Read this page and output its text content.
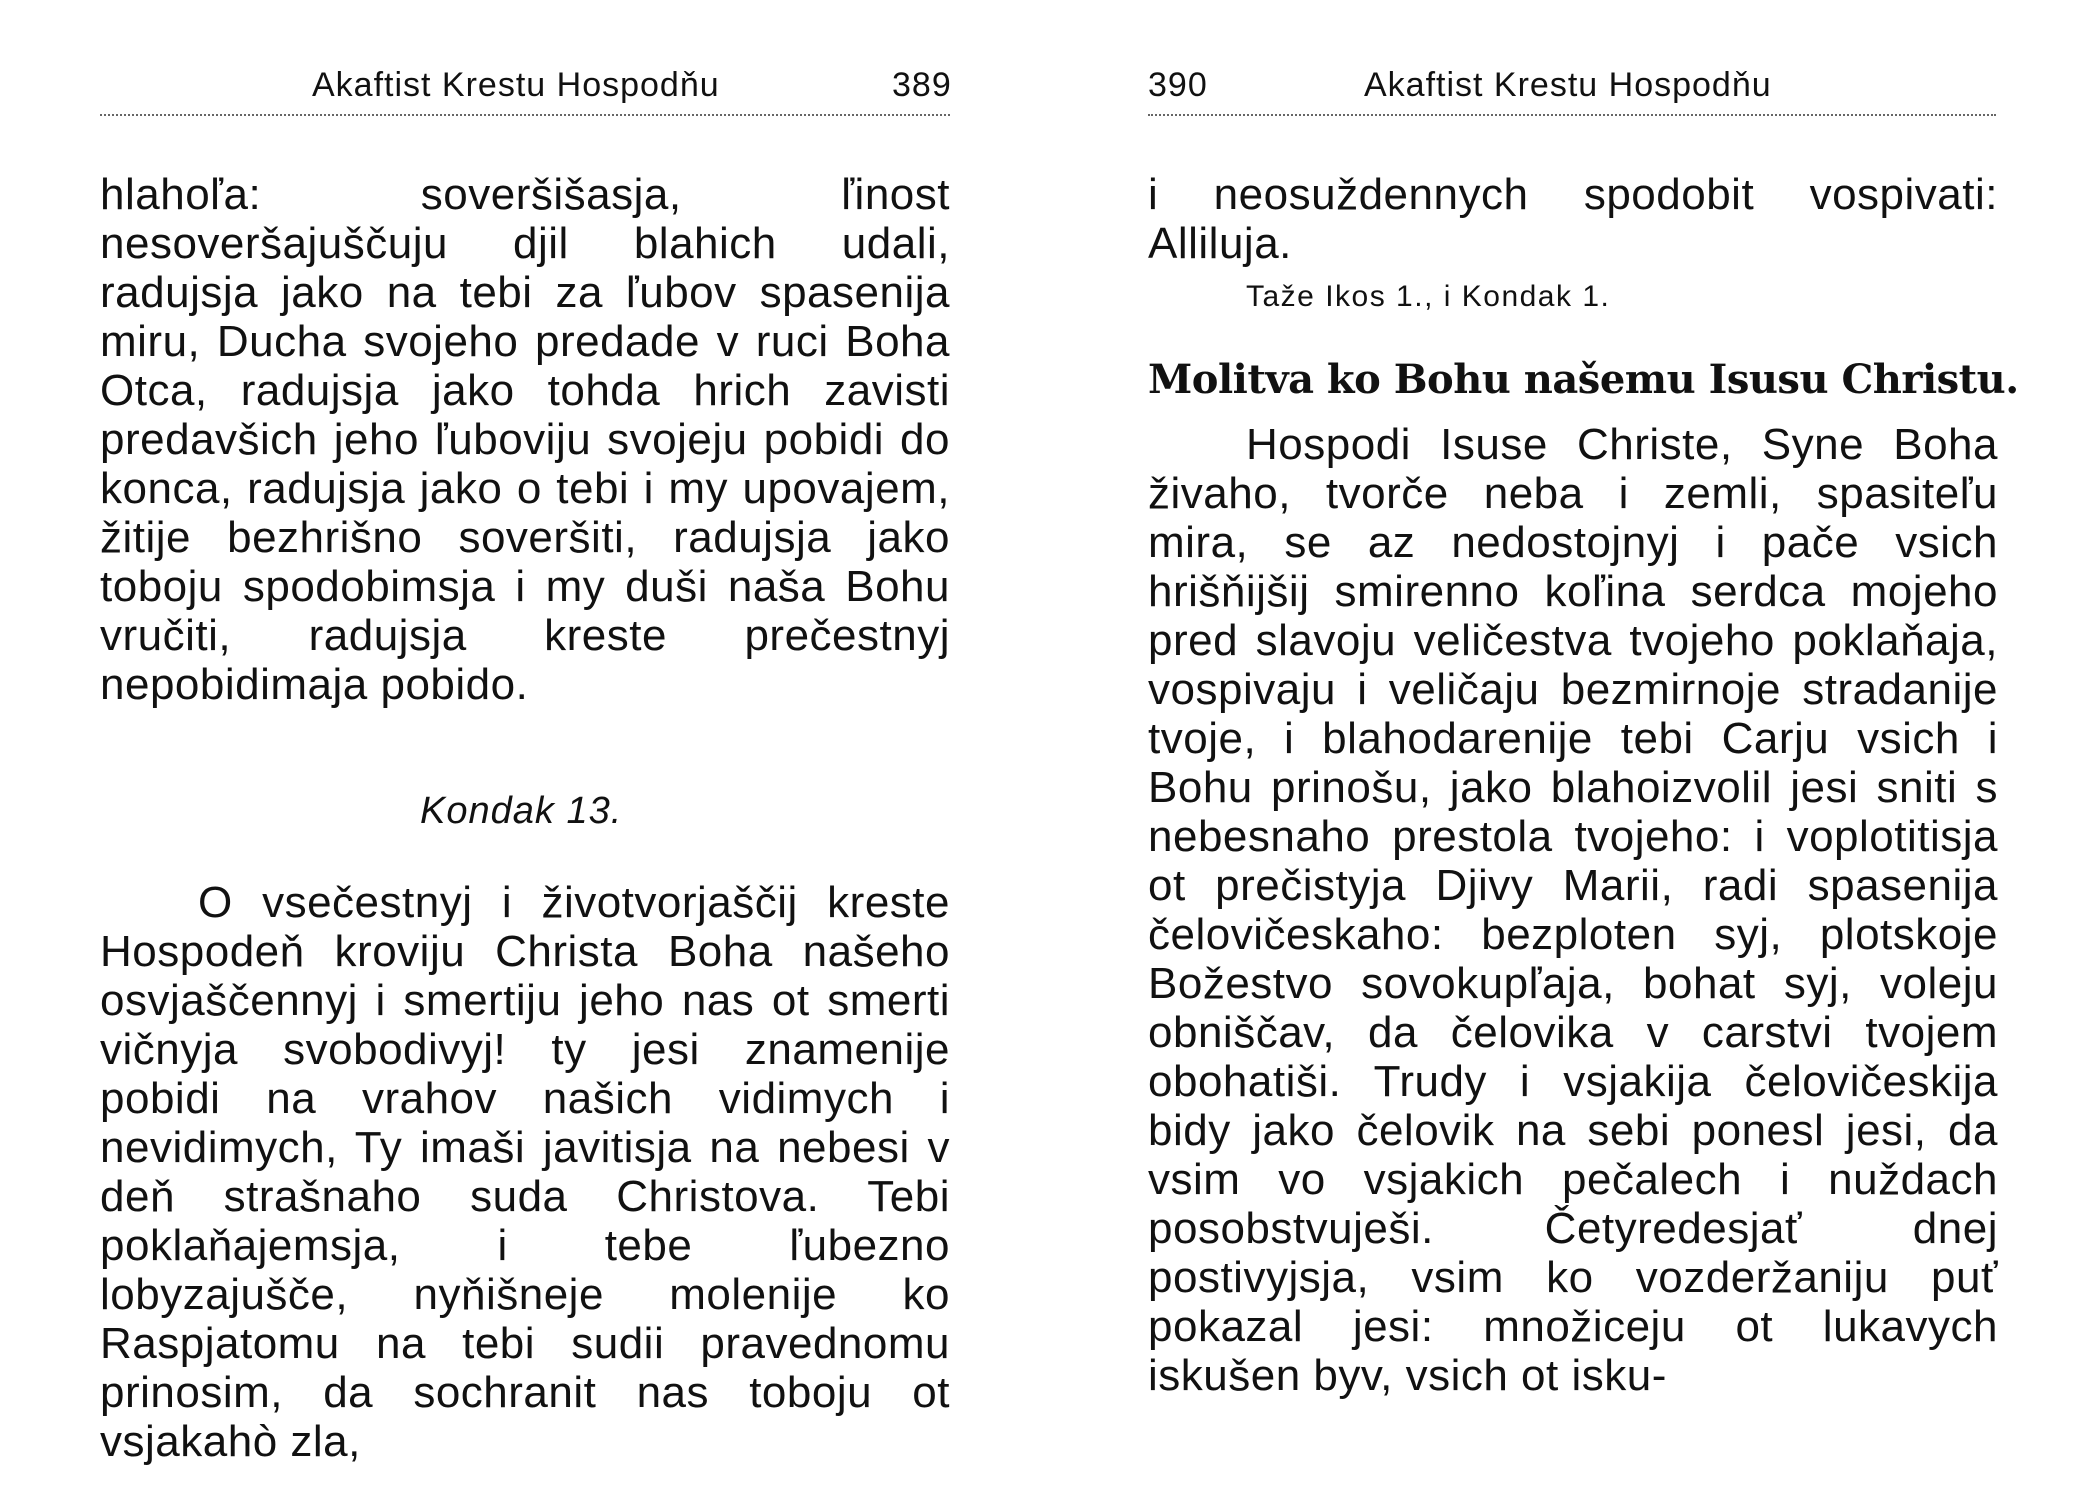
Akaftist Krestu Hospodňu	389
hlahoľa: soveršišasja, ľinost nesoveršajuščuju djil blahich udali, radujsja jako na tebi za ľubov spasenija miru, Ducha svojeho predade v ruci Boha Otca, radujsja jako tohda hrich zavisti predavšich jeho ľuboviju svojeju pobidi do konca, radujsja jako o tebi i my upovajem, žitije bezhrišno soveršiti, radujsja jako toboju spodobimsja i my duši naša Bohu vručiti, radujsja kreste prečestnyj nepobidimaja pobido.
Kondak 13.
O vsečestnyj i životvorjaščij kreste Hospodeň kroviju Christa Boha našeho osvjaščennyj i smertiju jeho nas ot smerti vičnyja svobodivyj! ty jesi znamenije pobidi na vrahov našich vidimych i nevidimych, Ty imaši javitisja na nebesi v deň strašnaho suda Christova. Tebi poklaňajemsja, i tebe ľubezno lobyzajušče, nyňišneje molenije ko Raspjatomu na tebi sudii pravednomu prinosim, da sochranit nas toboju ot vsjakahò zla,
390	Akaftist Krestu Hospodňu
i neosuždennych spodobit vospivati: Alliluja.
Taže Ikos 1., i Kondak 1.
Molitva ko Bohu našemu Isusu Christu.
Hospodi Isuse Christe, Syne Boha živaho, tvorče neba i zemli, spasiteľu mira, se az nedostojnyj i pače vsich hrišňijšij smirenno koľina serdca mojeho pred slavoju veličestva tvojeho poklaňaja, vospivaju i veličaju bezmirnoje stradanije tvoje, i blahodarenije tebi Carju vsich i Bohu prinošu, jako blahoizvolil jesi sniti s nebesnaho prestola tvojeho: i voplotitisja ot prečistyja Djivy Marii, radi spasenija čelovičeskaho: bezploten syj, plotskoje Božestvo sovokupľaja, bohat syj, voleju obniščav, da čelovika v carstvi tvojem obohatiši. Trudy i vsjakija čelovičeskija bidy jako čelovik na sebi ponesl jesi, da vsim vo vsjakich pečalech i nuždach posobstvuješi. Četyredesjať dnej postivyjsja, vsim ko vozderžaniju puť pokazal jesi: množiceju ot lukavych iskušen byv, vsich ot isku-
